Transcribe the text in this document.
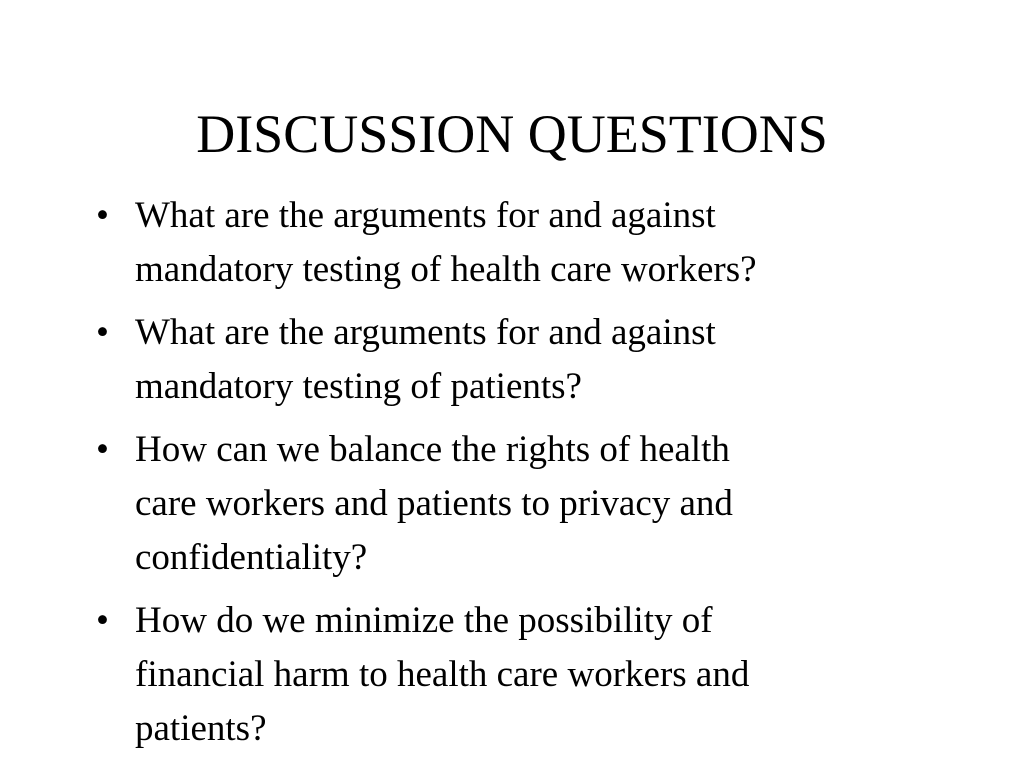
DISCUSSION QUESTIONS
• What are the arguments for and against
mandatory testing of health care workers?
• What are the arguments for and against
mandatory testing of patients?
• How can we balance the rights of health
care workers and patients to privacy and
confidentiality?
• How do we minimize the possibility of
financial harm to health care workers and
patients?
